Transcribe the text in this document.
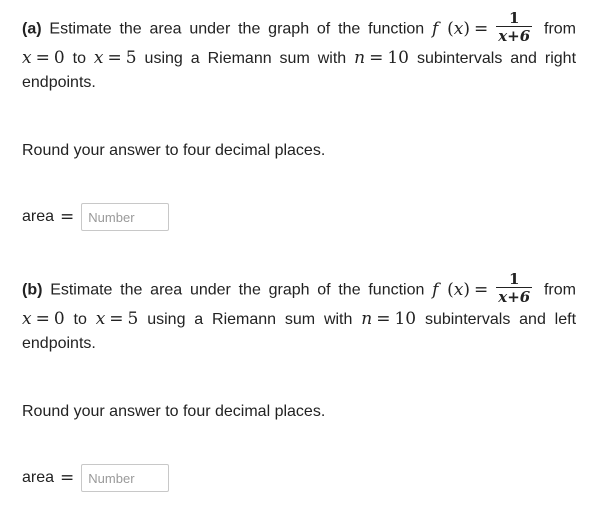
(a) Estimate the area under the graph of the function f $(x) = \frac{1}{x+6}$ from x = 0 to x = 5 using a Riemann sum with n = 10 subintervals and right endpoints.

Round your answer to four decimal places.
area =
Number

(b) Estimate the area under the graph of the function f $(x) = \frac{1}{x+6}$ from x = 0 to x = 5 using a Riemann sum with n = 10 subintervals and left endpoints.

Round your answer to four decimal places.
area =
Number
